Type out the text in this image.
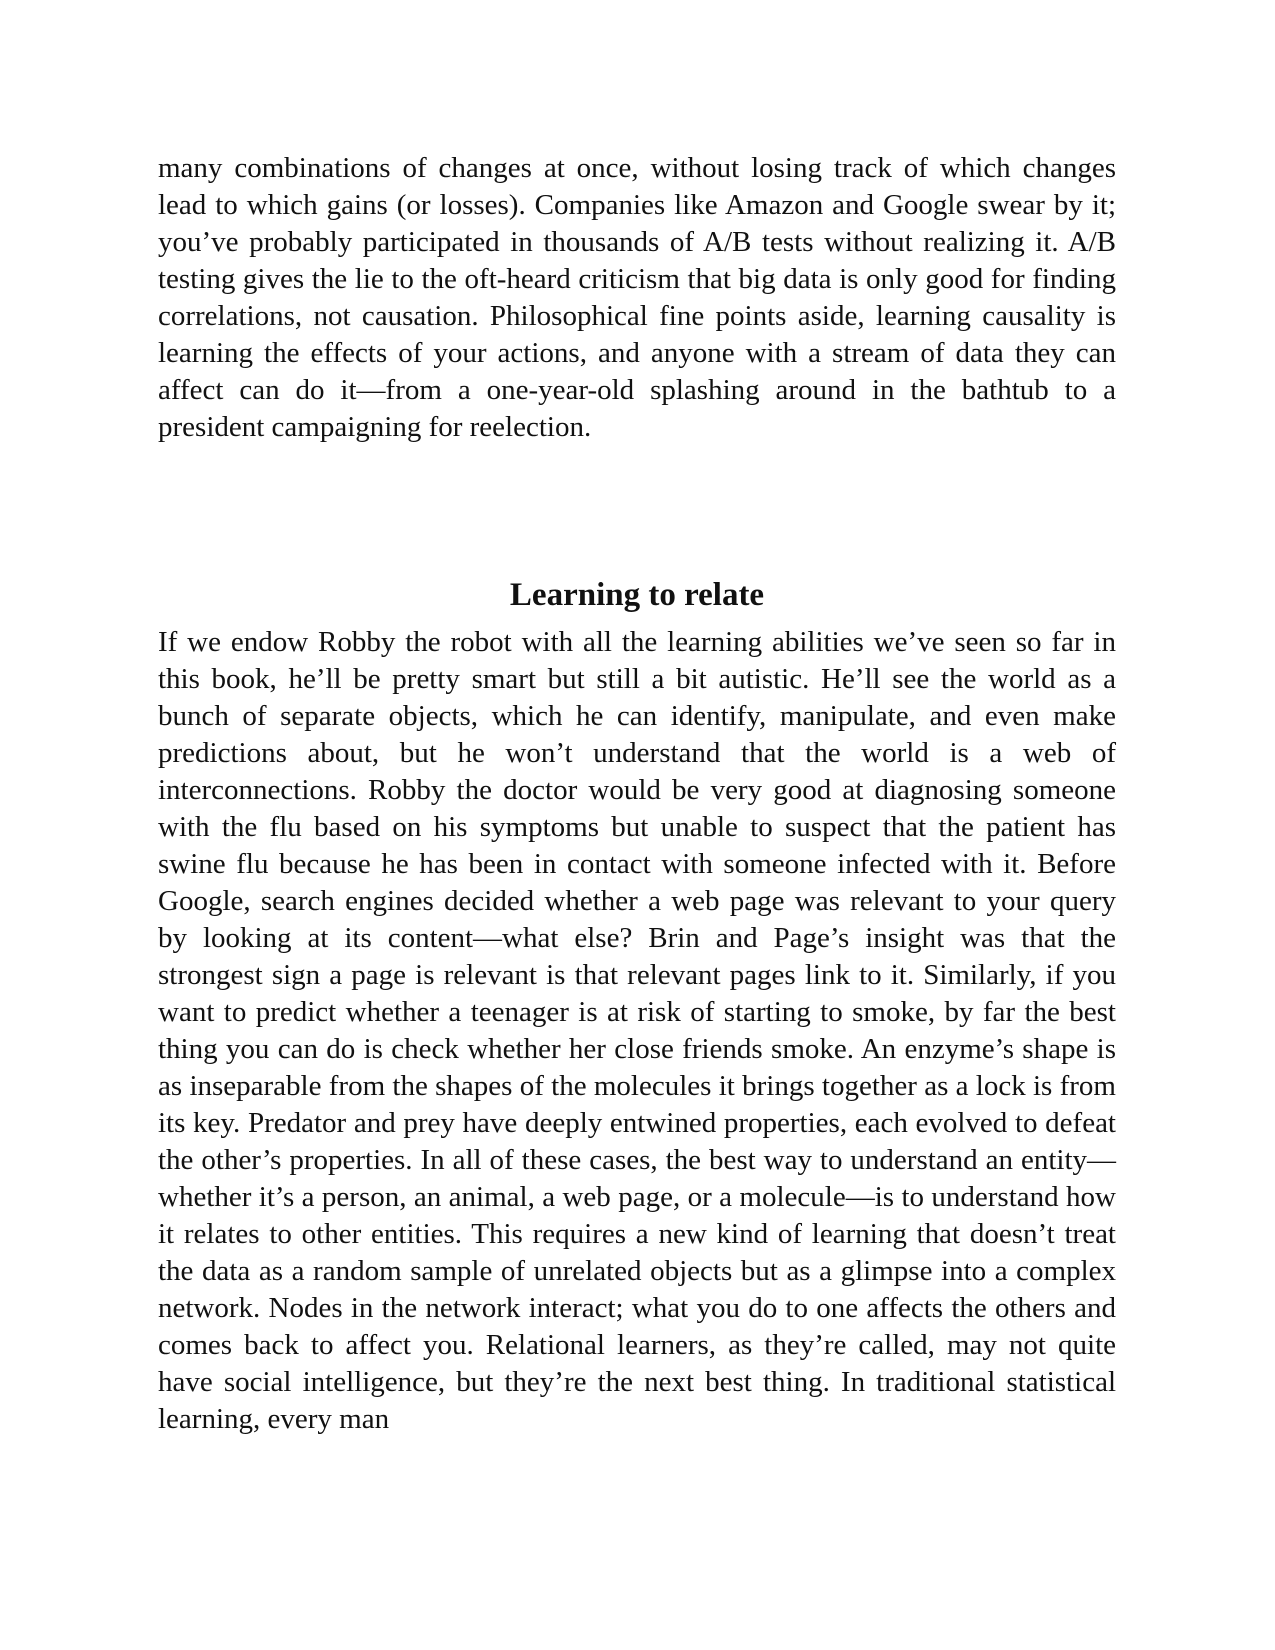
many combinations of changes at once, without losing track of which changes lead to which gains (or losses). Companies like Amazon and Google swear by it; you’ve probably participated in thousands of A/B tests without realizing it. A/B testing gives the lie to the oft-heard criticism that big data is only good for finding correlations, not causation. Philosophical fine points aside, learning causality is learning the effects of your actions, and anyone with a stream of data they can affect can do it—from a one-year-old splashing around in the bathtub to a president campaigning for reelection.

Learning to relate

If we endow Robby the robot with all the learning abilities we’ve seen so far in this book, he’ll be pretty smart but still a bit autistic. He’ll see the world as a bunch of separate objects, which he can identify, manipulate, and even make predictions about, but he won’t understand that the world is a web of interconnections. Robby the doctor would be very good at diagnosing someone with the flu based on his symptoms but unable to suspect that the patient has swine flu because he has been in contact with someone infected with it. Before Google, search engines decided whether a web page was relevant to your query by looking at its content—what else? Brin and Page’s insight was that the strongest sign a page is relevant is that relevant pages link to it. Similarly, if you want to predict whether a teenager is at risk of starting to smoke, by far the best thing you can do is check whether her close friends smoke. An enzyme’s shape is as inseparable from the shapes of the molecules it brings together as a lock is from its key. Predator and prey have deeply entwined properties, each evolved to defeat the other’s properties. In all of these cases, the best way to understand an entity—whether it’s a person, an animal, a web page, or a molecule—is to understand how it relates to other entities. This requires a new kind of learning that doesn’t treat the data as a random sample of unrelated objects but as a glimpse into a complex network. Nodes in the network interact; what you do to one affects the others and comes back to affect you. Relational learners, as they’re called, may not quite have social intelligence, but they’re the next best thing. In traditional statistical learning, every man
